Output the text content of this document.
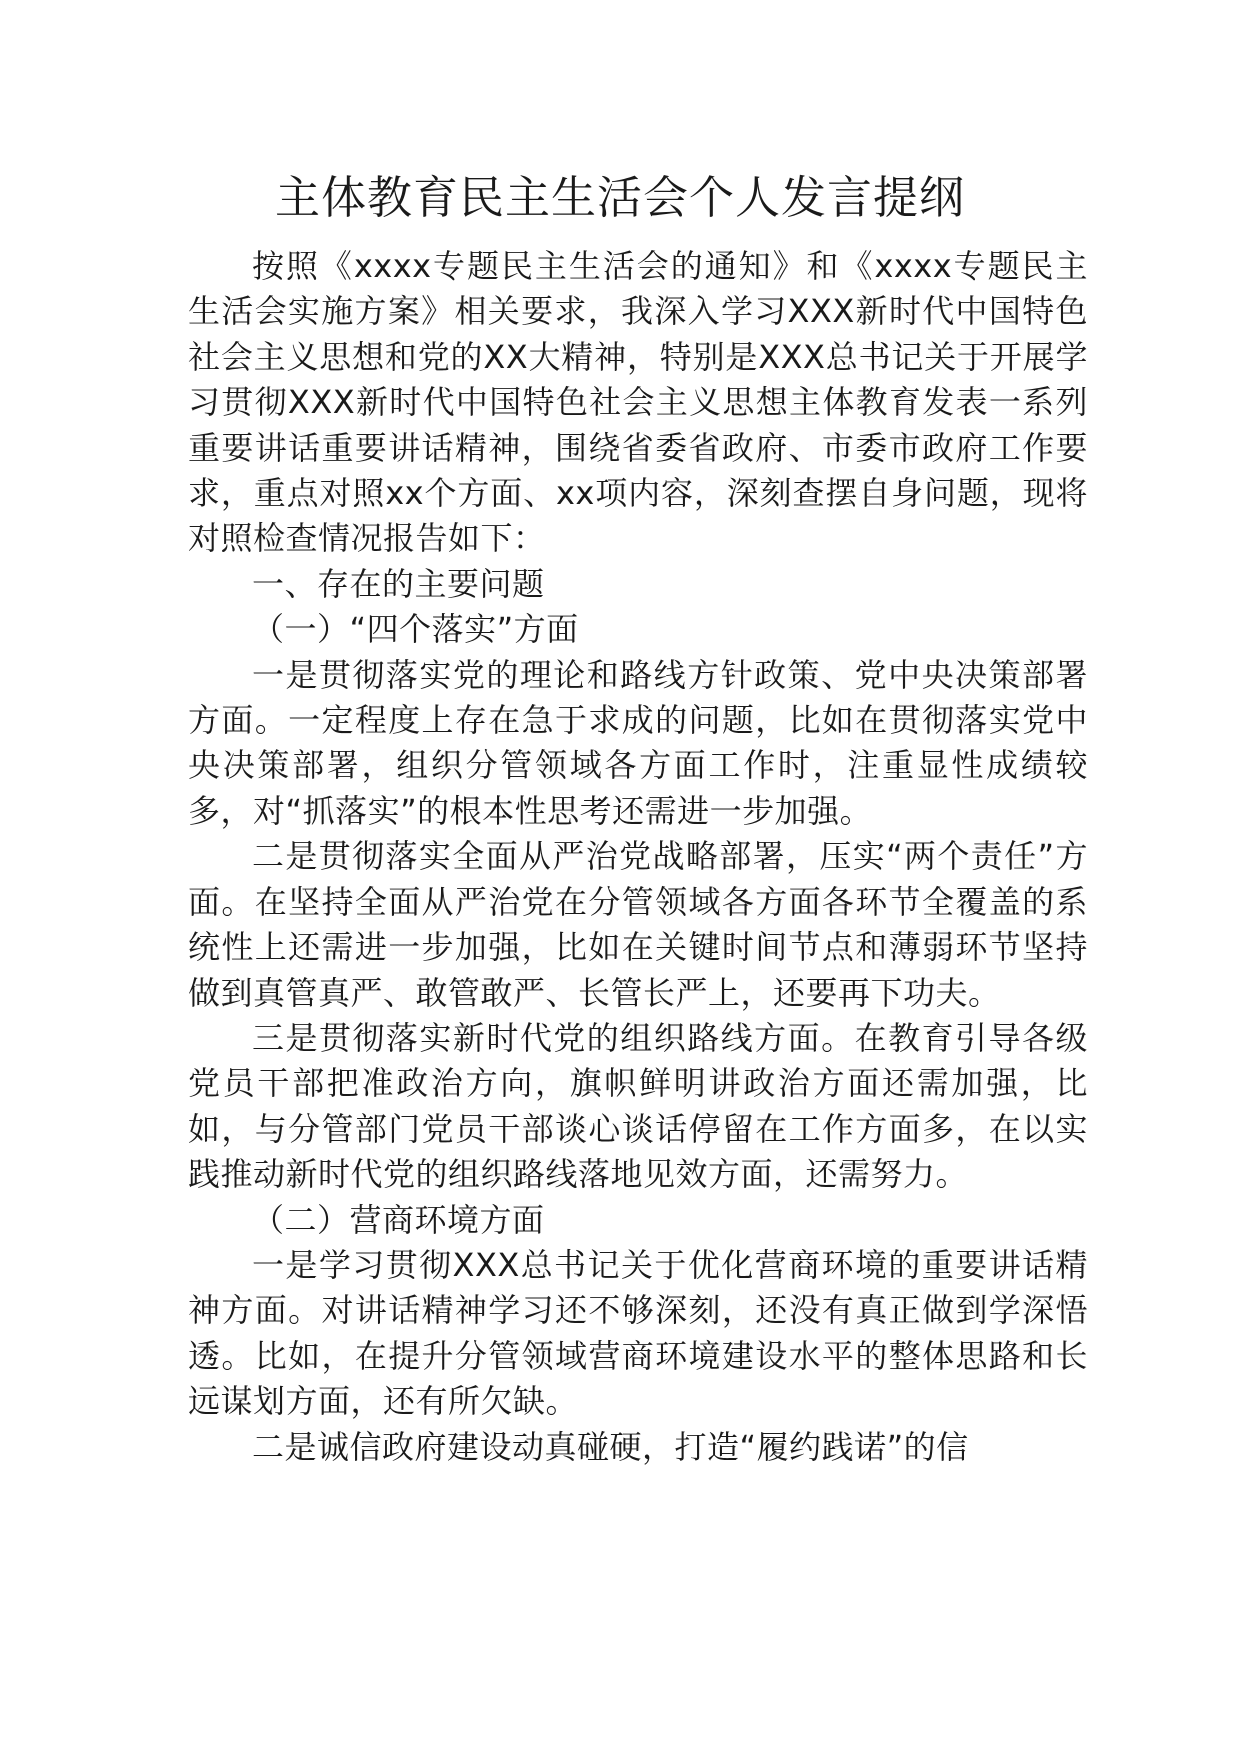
主体教育民主生活会个人发言提纲

按照《xxxx专题民主生活会的通知》和《xxxx专题民主生活会实施方案》相关要求，我深入学习XXX新时代中国特色社会主义思想和党的XX大精神，特别是XXX总书记关于开展学习贯彻XXX新时代中国特色社会主义思想主体教育发表一系列重要讲话重要讲话精神，围绕省委省政府、市委市政府工作要求，重点对照xx个方面、xx项内容，深刻查摆自身问题，现将对照检查情况报告如下：

一、存在的主要问题

（一）“四个落实”方面

一是贯彻落实党的理论和路线方针政策、党中央决策部署方面。一定程度上存在急于求成的问题，比如在贯彻落实党中央决策部署，组织分管领域各方面工作时，注重显性成绩较多，对“抓落实”的根本性思考还需进一步加强。

二是贯彻落实全面从严治党战略部署，压实“两个责任”方面。在坚持全面从严治党在分管领域各方面各环节全覆盖的系统性上还需进一步加强，比如在关键时间节点和薄弱环节坚持做到真管真严、敢管敢严、长管长严上，还要再下功夫。

三是贯彻落实新时代党的组织路线方面。在教育引导各级党员干部把准政治方向，旗帜鲜明讲政治方面还需加强，比如，与分管部门党员干部谈心谈话停留在工作方面多，在以实践推动新时代党的组织路线落地见效方面，还需努力。

（二）营商环境方面

一是学习贯彻XXX总书记关于优化营商环境的重要讲话精神方面。对讲话精神学习还不够深刻，还没有真正做到学深悟透。比如，在提升分管领域营商环境建设水平的整体思路和长远谋划方面，还有所欠缺。

二是诚信政府建设动真碰硬，打造“履约践诺”的信
